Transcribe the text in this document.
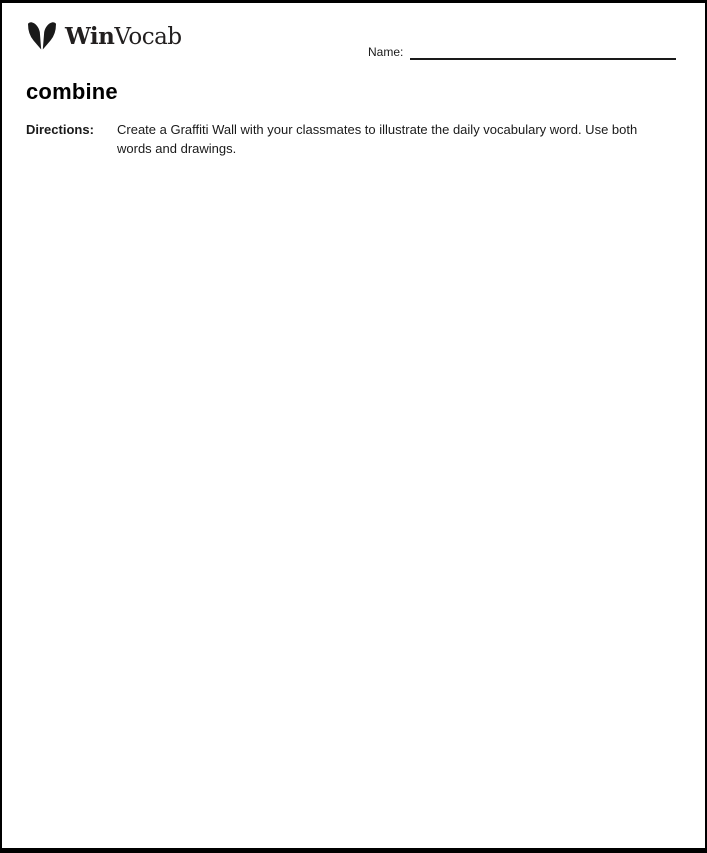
WinVocab
Name:
combine
Directions:	Create a Graffiti Wall with your classmates to illustrate the daily vocabulary word. Use both words and drawings.
